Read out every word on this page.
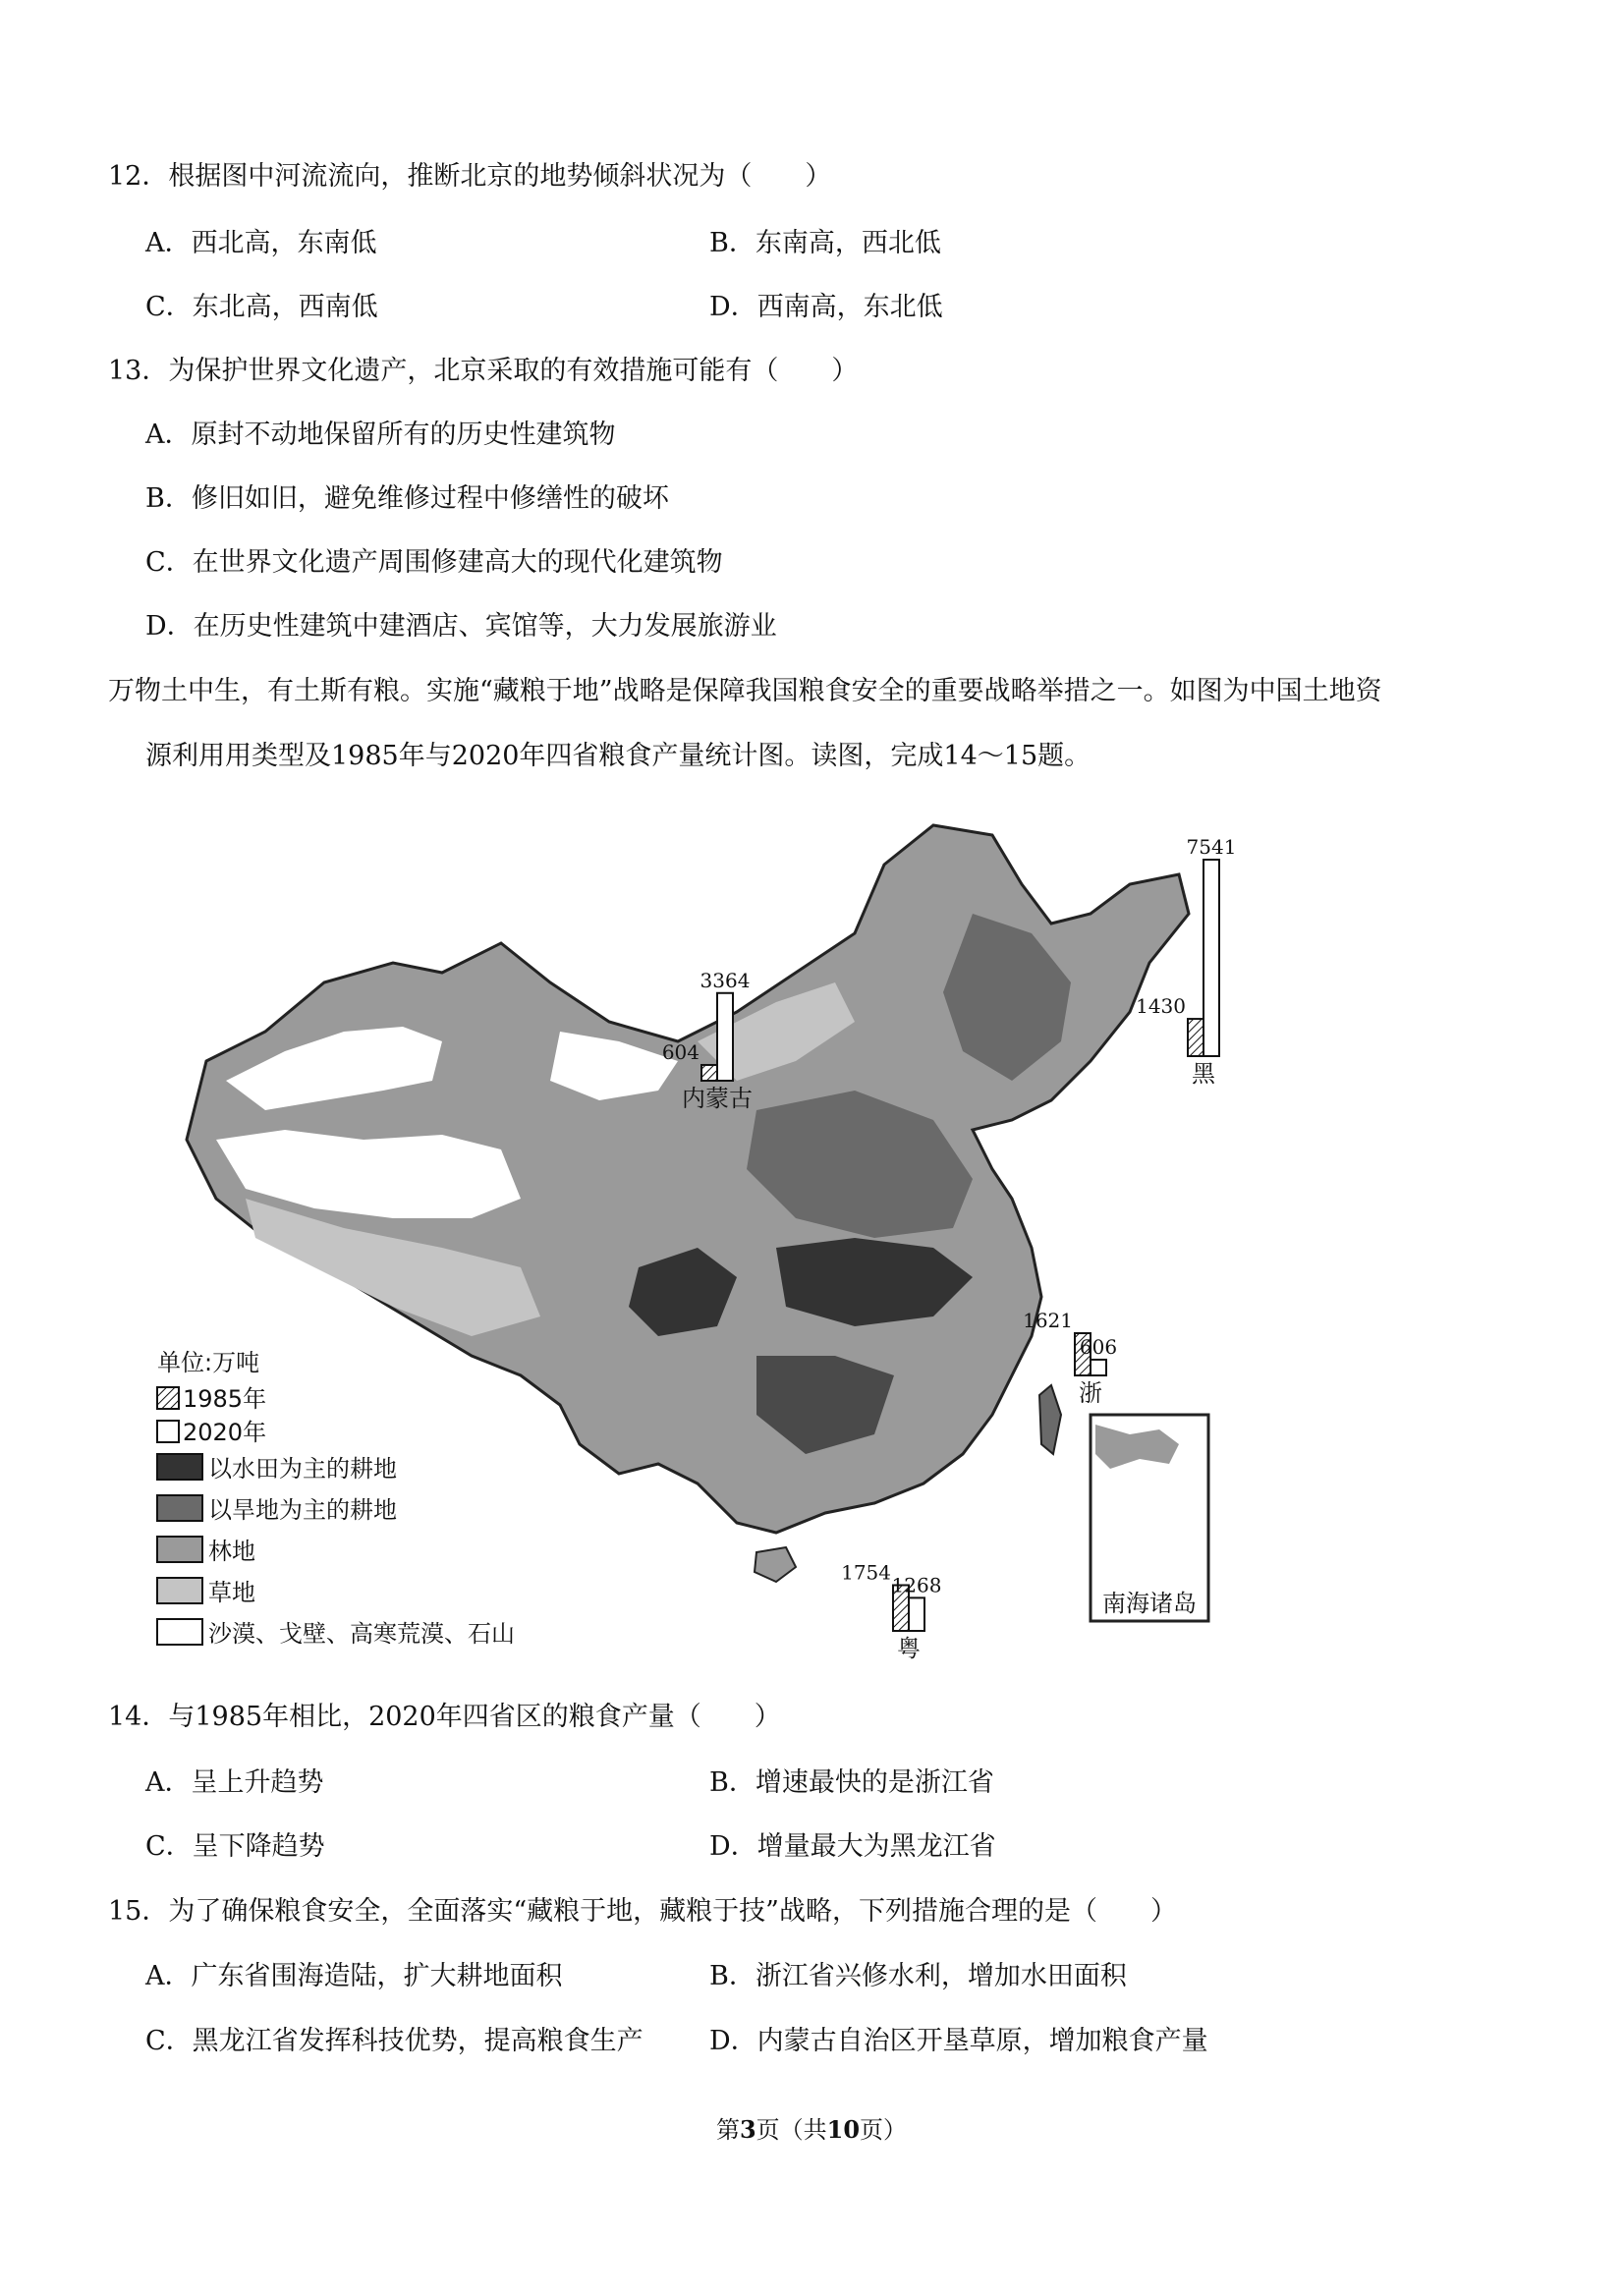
12．根据图中河流流向，推断北京的地势倾斜状况为（　　）
A．西北高，东南低	B．东南高，西北低
C．东北高，西南低	D．西南高，东北低
13．为保护世界文化遗产，北京采取的有效措施可能有（　　）
A．原封不动地保留所有的历史性建筑物
B．修旧如旧，避免维修过程中修缮性的破坏
C．在世界文化遗产周围修建高大的现代化建筑物
D．在历史性建筑中建酒店、宾馆等，大力发展旅游业
万物土中生，有土斯有粮。实施“藏粮于地”战略是保障我国粮食安全的重要战略举措之一。如图为中国土地资
源利用用类型及1985年与2020年四省粮食产量统计图。读图，完成14～15题。
南海诸岛
单位:万吨
1985年
2020年
以水田为主的耕地
以旱地为主的耕地
林地
草地
沙漠、戈壁、高寒荒漠、石山
604
3364
内蒙古
1430
7541
黑
1621
606
浙
1754
1268
粤
14．与1985年相比，2020年四省区的粮食产量（　　）
A．呈上升趋势	B．增速最快的是浙江省
C．呈下降趋势	D．增量最大为黑龙江省
15．为了确保粮食安全，全面落实“藏粮于地，藏粮于技”战略，下列措施合理的是（　　）
A．广东省围海造陆，扩大耕地面积	B．浙江省兴修水利，增加水田面积
C．黑龙江省发挥科技优势，提高粮食生产 D．内蒙古自治区开垦草原，增加粮食产量
第3页（共10页）
